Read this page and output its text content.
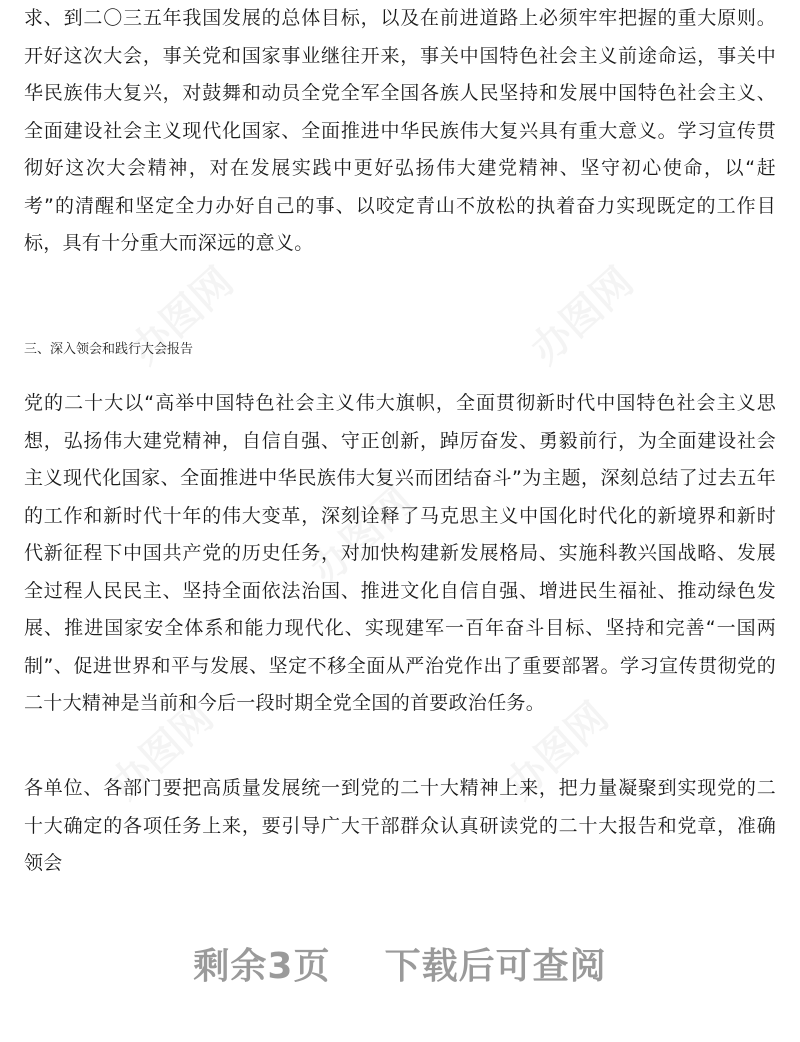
求、到二〇三五年我国发展的总体目标，以及在前进道路上必须牢牢把握的重大原则。开好这次大会，事关党和国家事业继往开来，事关中国特色社会主义前途命运，事关中华民族伟大复兴，对鼓舞和动员全党全军全国各族人民坚持和发展中国特色社会主义、全面建设社会主义现代化国家、全面推进中华民族伟大复兴具有重大意义。学习宣传贯彻好这次大会精神，对在发展实践中更好弘扬伟大建党精神、坚守初心使命，以“赶考”的清醒和坚定全力办好自己的事、以咬定青山不放松的执着奋力实现既定的工作目标，具有十分重大而深远的意义。

三、深入领会和践行大会报告

党的二十大以“高举中国特色社会主义伟大旗帜，全面贯彻新时代中国特色社会主义思想，弘扬伟大建党精神，自信自强、守正创新，踔厉奋发、勇毅前行，为全面建设社会主义现代化国家、全面推进中华民族伟大复兴而团结奋斗”为主题，深刻总结了过去五年的工作和新时代十年的伟大变革，深刻诠释了马克思主义中国化时代化的新境界和新时代新征程下中国共产党的历史任务，对加快构建新发展格局、实施科教兴国战略、发展全过程人民民主、坚持全面依法治国、推进文化自信自强、增进民生福祉、推动绿色发展、推进国家安全体系和能力现代化、实现建军一百年奋斗目标、坚持和完善“一国两制”、促进世界和平与发展、坚定不移全面从严治党作出了重要部署。学习宣传贯彻党的二十大精神是当前和今后一段时期全党全国的首要政治任务。

各单位、各部门要把高质量发展统一到党的二十大精神上来，把力量凝聚到实现党的二十大确定的各项任务上来，要引导广大干部群众认真研读党的二十大报告和党章，准确领会

剩余3页    下载后可查阅
